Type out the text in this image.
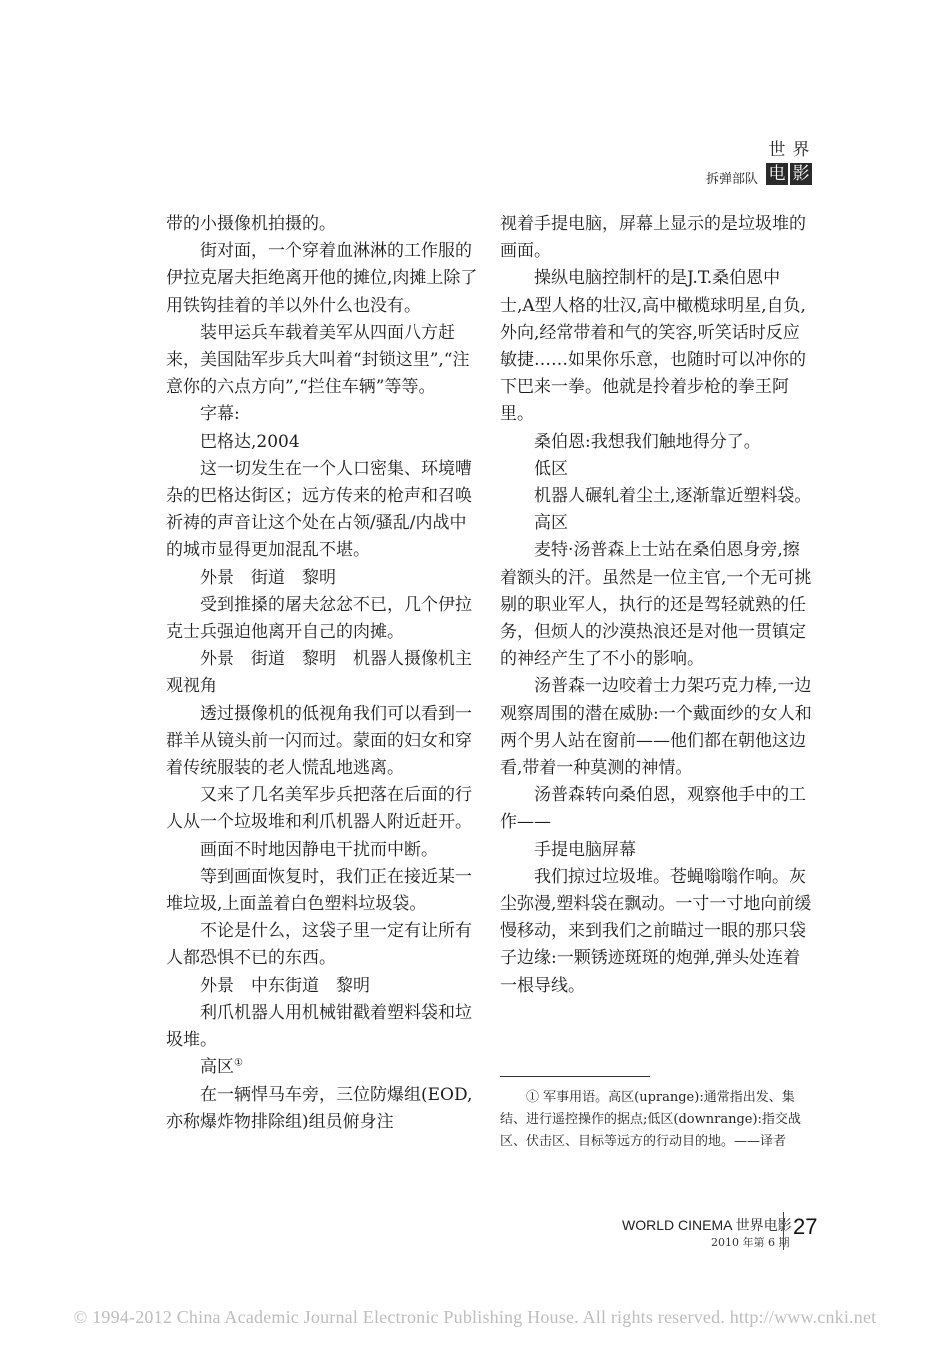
拆弹部队
世 界
电 影

带的小摄像机拍摄的。

街对面，一个穿着血淋淋的工作服的伊拉克屠夫拒绝离开他的摊位,肉摊上除了用铁钩挂着的羊以外什么也没有。

装甲运兵车载着美军从四面八方赶来，美国陆军步兵大叫着“封锁这里”,“注意你的六点方向”,“拦住车辆”等等。

字幕:

巴格达,2004

这一切发生在一个人口密集、环境嘈杂的巴格达街区；远方传来的枪声和召唤祈祷的声音让这个处在占领/骚乱/内战中的城市显得更加混乱不堪。

外景　街道　黎明

受到推搡的屠夫忿忿不已，几个伊拉克士兵强迫他离开自己的肉摊。

外景　街道　黎明　机器人摄像机主观视角

透过摄像机的低视角我们可以看到一群羊从镜头前一闪而过。蒙面的妇女和穿着传统服装的老人慌乱地逃离。

又来了几名美军步兵把落在后面的行人从一个垃圾堆和利爪机器人附近赶开。

画面不时地因静电干扰而中断。

等到画面恢复时，我们正在接近某一堆垃圾,上面盖着白色塑料垃圾袋。

不论是什么，这袋子里一定有让所有人都恐惧不已的东西。

外景　中东街道　黎明

利爪机器人用机械钳戳着塑料袋和垃圾堆。

高区①

在一辆悍马车旁，三位防爆组(EOD,亦称爆炸物排除组)组员俯身注

视着手提电脑，屏幕上显示的是垃圾堆的画面。

操纵电脑控制杆的是J.T.桑伯恩中士,A型人格的壮汉,高中橄榄球明星,自负,外向,经常带着和气的笑容,听笑话时反应敏捷……如果你乐意，也随时可以冲你的下巴来一拳。他就是拎着步枪的拳王阿里。

桑伯恩:我想我们触地得分了。

低区

机器人碾轧着尘土,逐渐靠近塑料袋。

高区

麦特·汤普森上士站在桑伯恩身旁,擦着额头的汗。虽然是一位主官,一个无可挑剔的职业军人，执行的还是驾轻就熟的任务，但烦人的沙漠热浪还是对他一贯镇定的神经产生了不小的影响。

汤普森一边咬着士力架巧克力棒,一边观察周围的潜在威胁:一个戴面纱的女人和两个男人站在窗前——他们都在朝他这边看,带着一种莫测的神情。

汤普森转向桑伯恩，观察他手中的工作——

手提电脑屏幕

我们掠过垃圾堆。苍蝇嗡嗡作响。灰尘弥漫,塑料袋在飘动。一寸一寸地向前缓慢移动，来到我们之前瞄过一眼的那只袋子边缘:一颗锈迹斑斑的炮弹,弹头处连着一根导线。

① 军事用语。高区(uprange):通常指出发、集结、进行遥控操作的据点;低区(downrange):指交战区、伏击区、目标等远方的行动目的地。——译者

WORLD CINEMA 世界电影
2010 年第 6 期
27
© 1994-2012 China Academic Journal Electronic Publishing House. All rights reserved. http://www.cnki.net
